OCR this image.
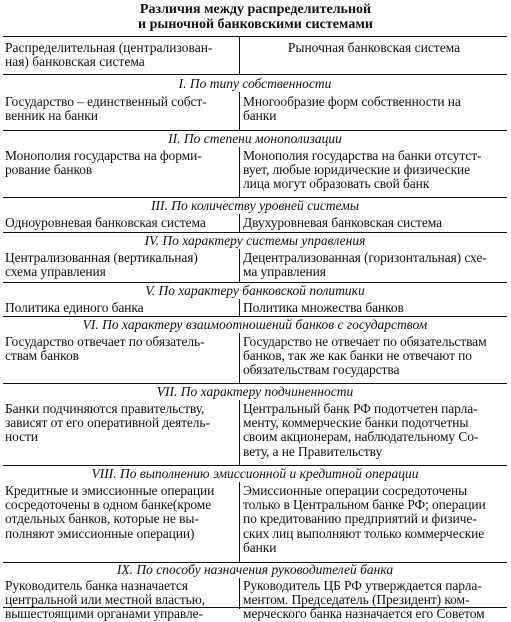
Различия между распределительной
и рыночной банковскими системами
Распределительная (централизован-
ная) банковская система
Рыночная банковская система
I. По типу собственности
Государство – единственный собст-
венник на банки
Многообразие форм собственности на
банки
II. По степени монополизации
Монополия государства на форми-
рование банков
Монополия государства на банки отсутст-
вует, любые юридические и физические
лица могут образовать свой банк
III. По количеству уровней системы
Одноуровневая банковская система	Двухуровневая банковская система
IV. По характеру системы управления
Централизованная (вертикальная)
схема управления
Децентрализованная (горизонтальная) схе-
ма управления
V. По характеру банковской политики
Политика единого банка	Политика множества банков
VI. По характеру взаимоотношений банков с государством
Государство отвечает по обязатель-
ствам банков
Государство не отвечает по обязательствам
банков, так же как банки не отвечают по
обязательствам государства
VII. По характеру подчиненности
Банки подчиняются правительству,
зависят от его оперативной деятель-
ности
Центральный банк РФ подотчетен парла-
менту, коммерческие банки подотчетны
своим акционерам, наблюдательному Со-
вету, а не Правительству
VIII. По выполнению эмиссионной и кредитной операции
Кредитные и эмиссионные операции
сосредоточены в одном банке(кроме
отдельных банков, которые не вы-
полняют эмиссионные операции)
Эмиссионные операции сосредоточены
только в Центральном банке РФ; операции
по кредитованию предприятий и физиче-
ских лиц выполняют только коммерческие
банки
IX. По способу назначения руководителей банка
Руководитель банка назначается
центральной или местной властью,
вышестоящими органами управле-
Руководитель ЦБ РФ утверждается парла-
ментом. Председатель (Президент) ком-
мерческого банка назначается его Советом
